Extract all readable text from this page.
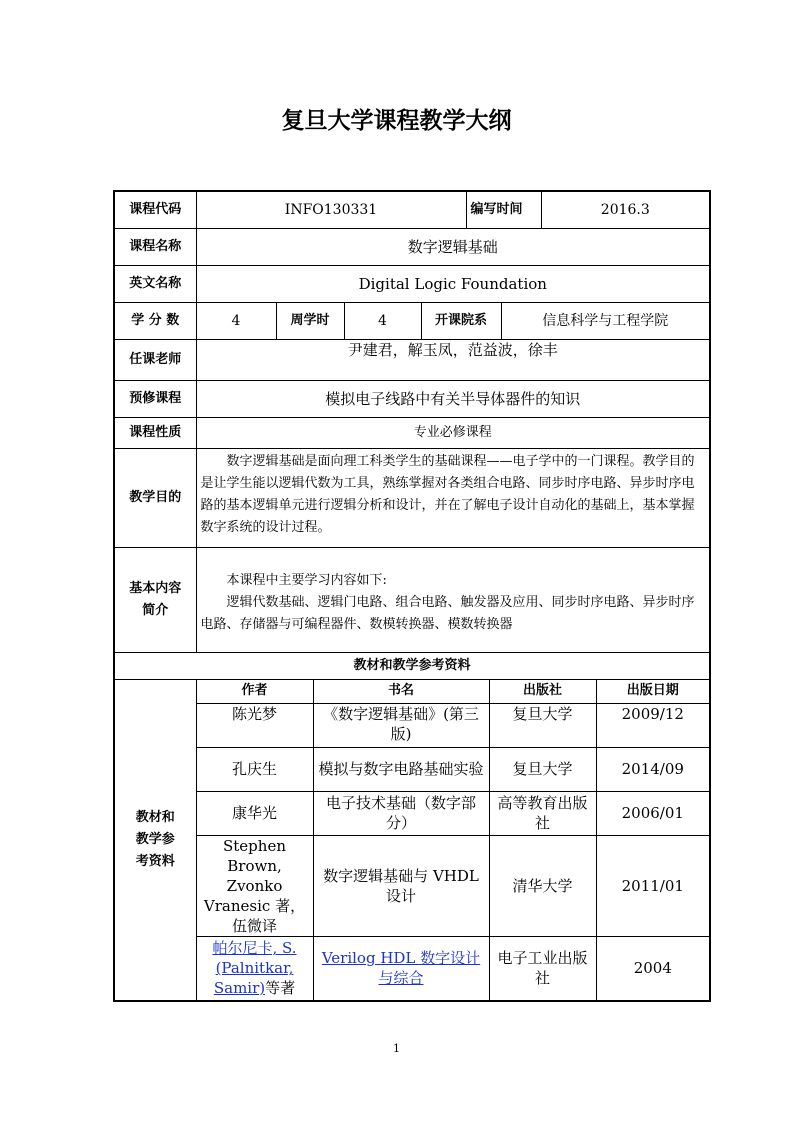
复旦大学课程教学大纲
课程代码	INFO130331					编写时间			2016.3	
课程名称	数字逻辑基础									
英文名称	Digital Logic Foundation									
学 分 数	4	周学时		4	开课院系			信息科学与工程学院		
任课老师	尹建君，解玉凤，范益波，徐丰									
预修课程	模拟电子线路中有关半导体器件的知识									
课程性质	专业必修课程									
教学目的	数字逻辑基础是面向理工科类学生的基础课程——电子学中的一门课程。教学目的是让学生能以逻辑代数为工具，熟练掌握对各类组合电路、同步时序电路、异步时序电路的基本逻辑单元进行逻辑分析和设计，并在了解电子设计自动化的基础上，基本掌握数字系统的设计过程。									
基本内容简介	本课程中主要学习内容如下:
逻辑代数基础、逻辑门电路、组合电路、触发器及应用、同步时序电路、异步时序电路、存储器与可编程器件、数模转换器、模数转换器									

教材和教学参考资料										
教材和教学参考资料	作者		书名				出版社			出版日期
	陈光梦		《数字逻辑基础》(第三版)				复旦大学			2009/12
	孔庆生		模拟与数字电路基础实验				复旦大学			2014/09
	康华光		电子技术基础（数字部分）				高等教育出版社			2006/01
	Stephen Brown, Zvonko Vranesic 著，伍微译		数字逻辑基础与 VHDL 设计				清华大学			2011/01
	帕尔尼卡, S.(Palnitkar, Samir)等著		Verilog HDL 数字设计与综合				电子工业出版社			2004
1
